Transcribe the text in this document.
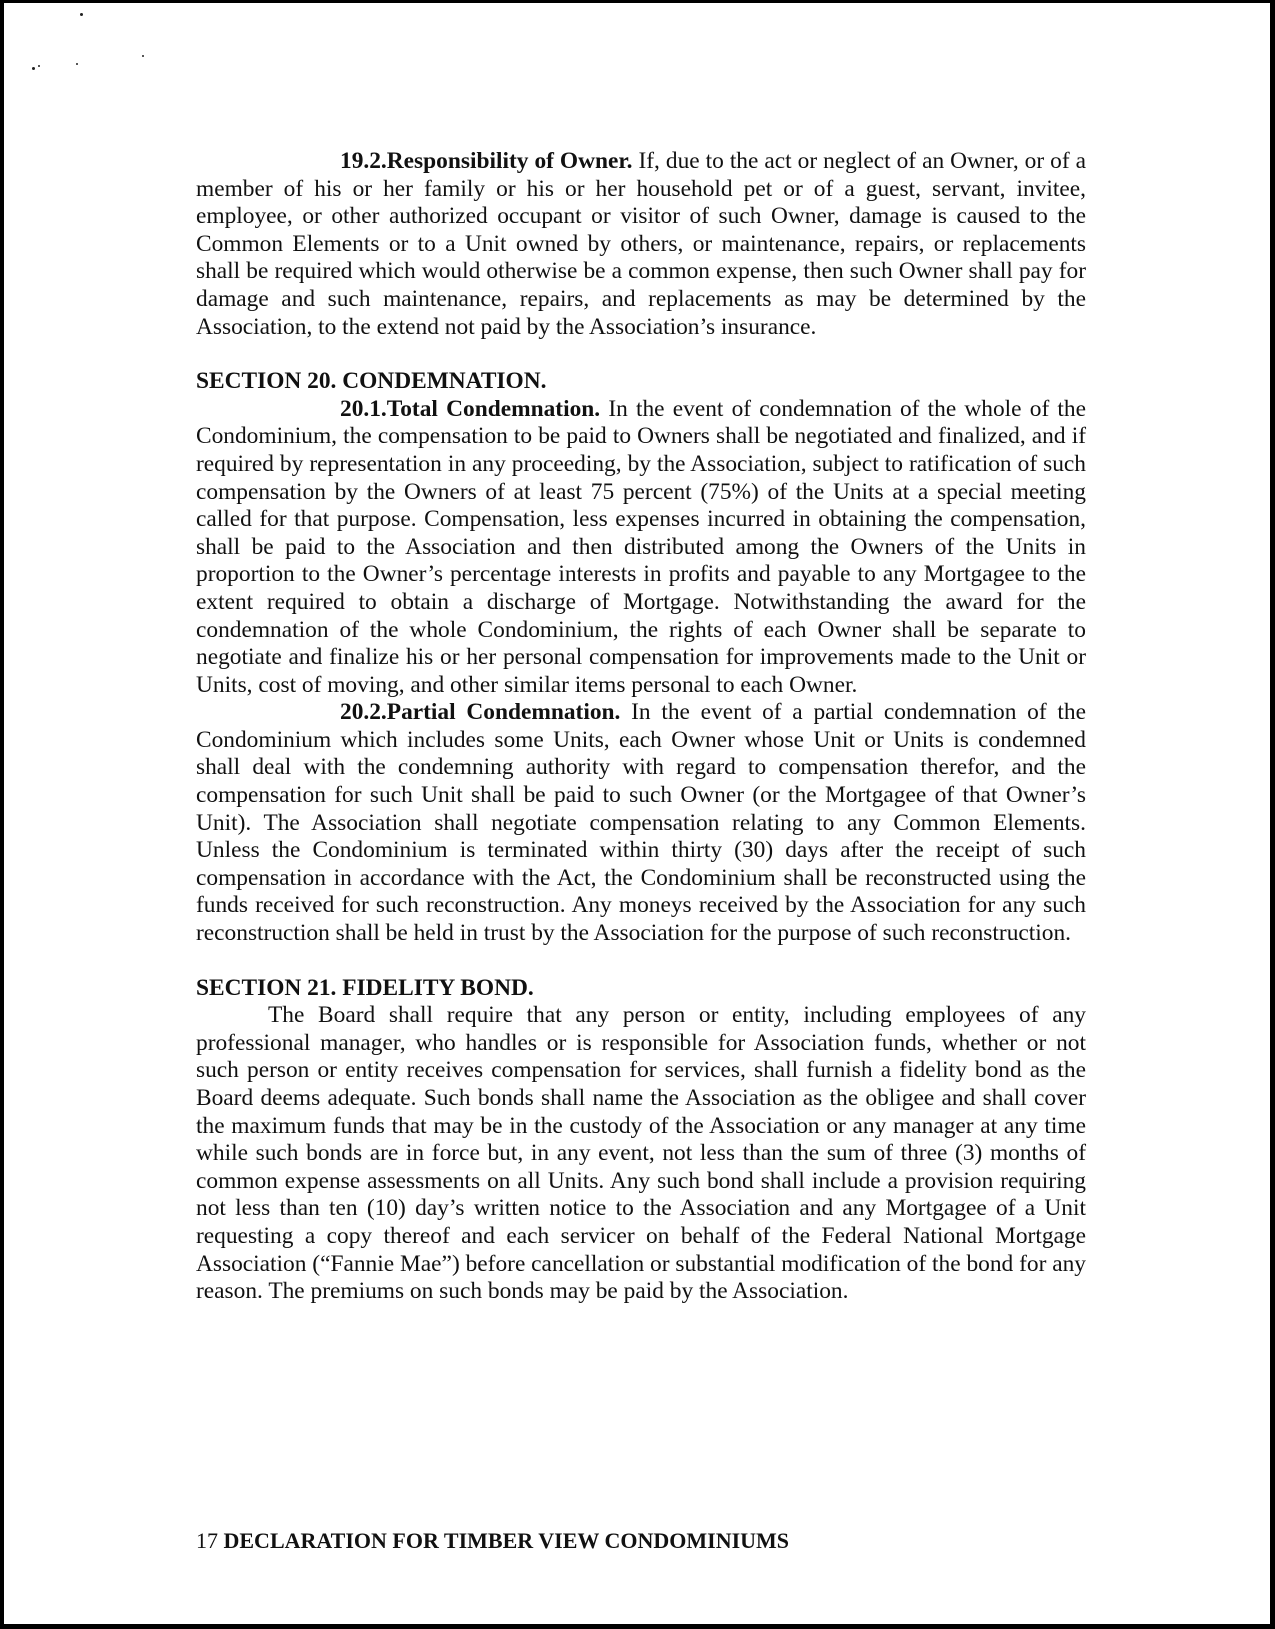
19.2.Responsibility of Owner. If, due to the act or neglect of an Owner, or of a member of his or her family or his or her household pet or of a guest, servant, invitee, employee, or other authorized occupant or visitor of such Owner, damage is caused to the Common Elements or to a Unit owned by others, or maintenance, repairs, or replacements shall be required which would otherwise be a common expense, then such Owner shall pay for damage and such maintenance, repairs, and replacements as may be determined by the Association, to the extend not paid by the Association’s insurance.

SECTION 20. CONDEMNATION.

20.1.Total Condemnation. In the event of condemnation of the whole of the Condominium, the compensation to be paid to Owners shall be negotiated and finalized, and if required by representation in any proceeding, by the Association, subject to ratification of such compensation by the Owners of at least 75 percent (75%) of the Units at a special meeting called for that purpose. Compensation, less expenses incurred in obtaining the compensation, shall be paid to the Association and then distributed among the Owners of the Units in proportion to the Owner’s percentage interests in profits and payable to any Mortgagee to the extent required to obtain a discharge of Mortgage. Notwithstanding the award for the condemnation of the whole Condominium, the rights of each Owner shall be separate to negotiate and finalize his or her personal compensation for improvements made to the Unit or Units, cost of moving, and other similar items personal to each Owner.

20.2.Partial Condemnation. In the event of a partial condemnation of the Condominium which includes some Units, each Owner whose Unit or Units is condemned shall deal with the condemning authority with regard to compensation therefor, and the compensation for such Unit shall be paid to such Owner (or the Mortgagee of that Owner’s Unit). The Association shall negotiate compensation relating to any Common Elements. Unless the Condominium is terminated within thirty (30) days after the receipt of such compensation in accordance with the Act, the Condominium shall be reconstructed using the funds received for such reconstruction. Any moneys received by the Association for any such reconstruction shall be held in trust by the Association for the purpose of such reconstruction.

SECTION 21. FIDELITY BOND.

The Board shall require that any person or entity, including employees of any professional manager, who handles or is responsible for Association funds, whether or not such person or entity receives compensation for services, shall furnish a fidelity bond as the Board deems adequate. Such bonds shall name the Association as the obligee and shall cover the maximum funds that may be in the custody of the Association or any manager at any time while such bonds are in force but, in any event, not less than the sum of three (3) months of common expense assessments on all Units. Any such bond shall include a provision requiring not less than ten (10) day’s written notice to the Association and any Mortgagee of a Unit requesting a copy thereof and each servicer on behalf of the Federal National Mortgage Association (“Fannie Mae”) before cancellation or substantial modification of the bond for any reason. The premiums on such bonds may be paid by the Association.

17 DECLARATION FOR TIMBER VIEW CONDOMINIUMS
